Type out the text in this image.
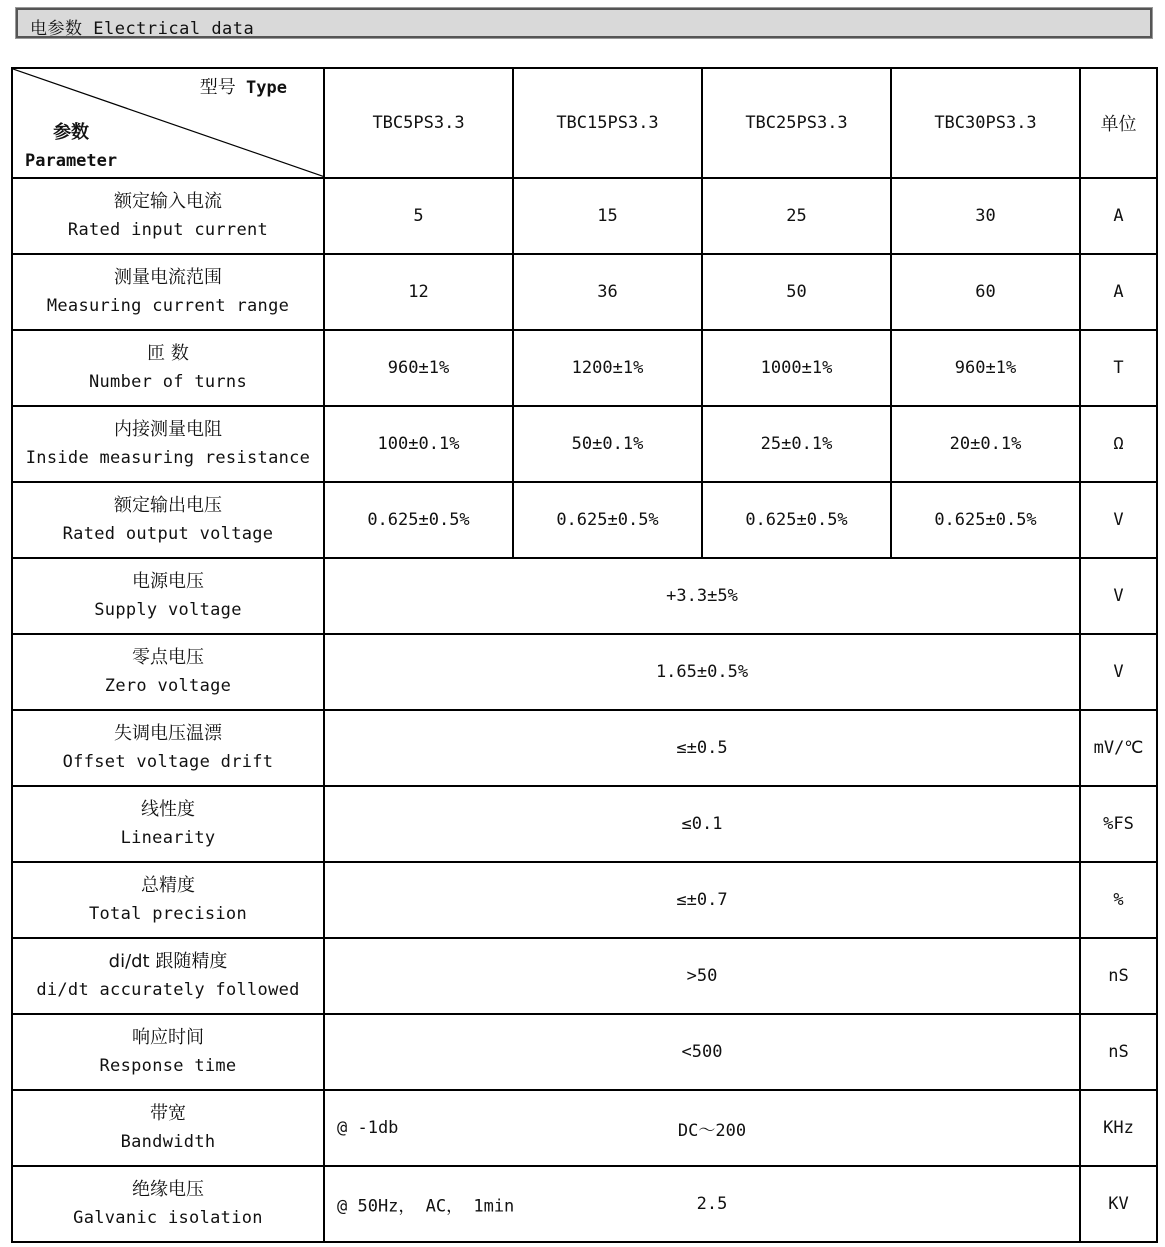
电参数 Electrical data
型号 Type
参数
Parameter	TBC5PS3.3	TBC15PS3.3	TBC25PS3.3	TBC30PS3.3	单位

额定输入电流
Rated input current	5	15	25	30	A

测量电流范围
Measuring current range	12	36	50	60	A

匝 数
Number of turns	960±1%	1200±1%	1000±1%	960±1%	T

内接测量电阻
Inside measuring resistance	100±0.1%	50±0.1%	25±0.1%	20±0.1%	Ω

额定输出电压
Rated output voltage	0.625±0.5%	0.625±0.5%	0.625±0.5%	0.625±0.5%	V

电源电压
Supply voltage	+3.3±5%				V

零点电压
Zero voltage	1.65±0.5%				V

失调电压温漂
Offset voltage drift	≤±0.5				mV/℃

线性度
Linearity	≤0.1				%FS

总精度
Total precision	≤±0.7				%

di/dt 跟随精度
di/dt accurately followed	>50				nS

响应时间
Response time	<500				nS

带宽
Bandwidth	@ -1db DC～200				KHz

绝缘电压
Galvanic isolation	@ 50Hz， AC， 1min 2.5				KV
